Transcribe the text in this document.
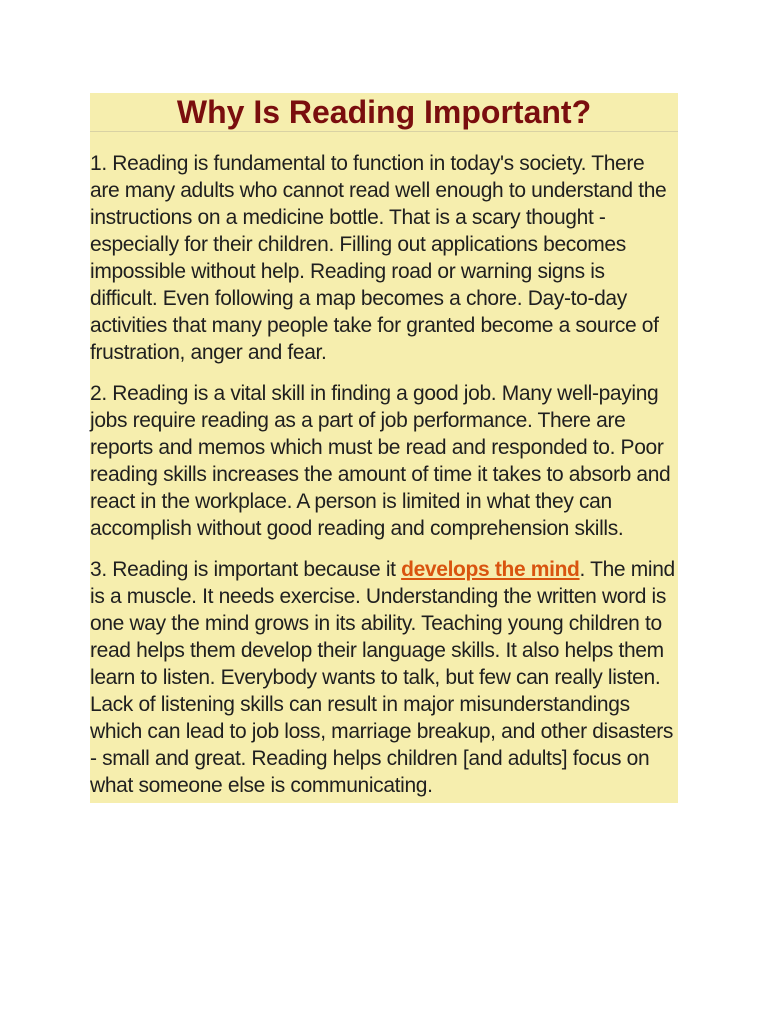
Why Is Reading Important?

1. Reading is fundamental to function in today's society. There are many adults who cannot read well enough to understand the instructions on a medicine bottle. That is a scary thought - especially for their children. Filling out applications becomes impossible without help. Reading road or warning signs is difficult. Even following a map becomes a chore. Day-to-day activities that many people take for granted become a source of frustration, anger and fear.

2. Reading is a vital skill in finding a good job. Many well-paying jobs require reading as a part of job performance. There are reports and memos which must be read and responded to. Poor reading skills increases the amount of time it takes to absorb and react in the workplace. A person is limited in what they can accomplish without good reading and comprehension skills.

3. Reading is important because it develops the mind. The mind is a muscle. It needs exercise. Understanding the written word is one way the mind grows in its ability. Teaching young children to read helps them develop their language skills. It also helps them learn to listen. Everybody wants to talk, but few can really listen. Lack of listening skills can result in major misunderstandings which can lead to job loss, marriage breakup, and other disasters - small and great. Reading helps children [and adults] focus on what someone else is communicating.
